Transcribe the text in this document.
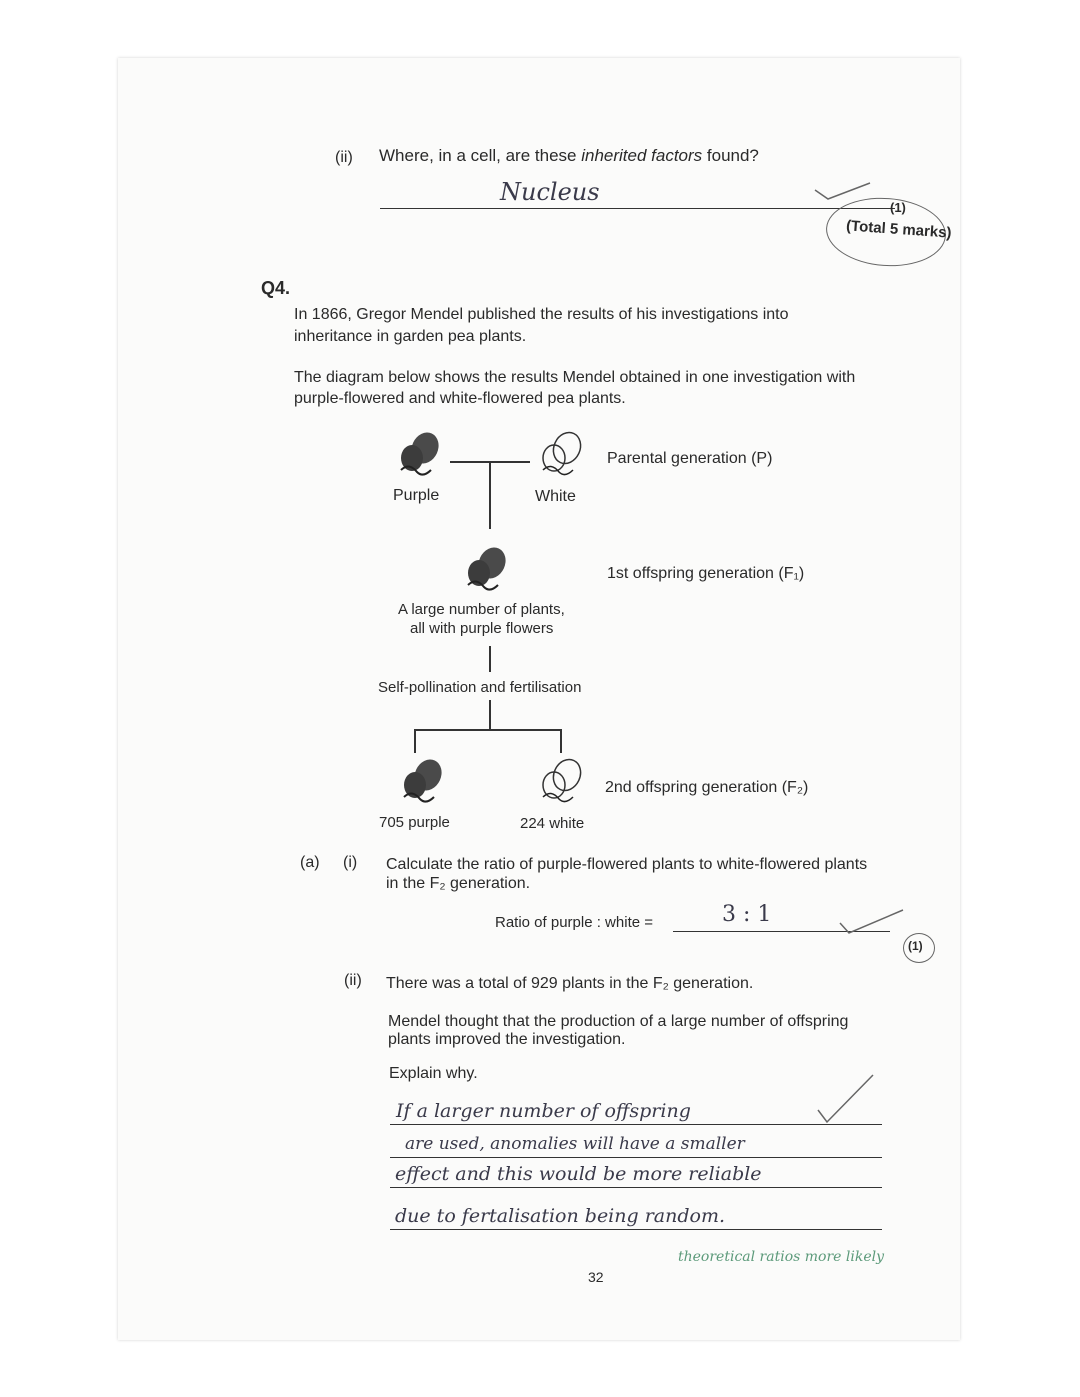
(ii) Where, in a cell, are these inherited factors found?
Nucleus
(1)
(Total 5 marks)
Q4.
In 1866, Gregor Mendel published the results of his investigations into
inheritance in garden pea plants.
The diagram below shows the results Mendel obtained in one investigation with
purple-flowered and white-flowered pea plants.
Purple	White
Parental generation (P)
1st offspring generation (F₁)
A large number of plants,
all with purple flowers
Self-pollination and fertilisation
2nd offspring generation (F₂)
705 purple	224 white
(a) (i) Calculate the ratio of purple-flowered plants to white-flowered plants
in the F₂ generation.
Ratio of purple : white =	3 : 1
(1)
(ii) There was a total of 929 plants in the F₂ generation.
Mendel thought that the production of a large number of offspring
plants improved the investigation.
Explain why.
If a larger number of offspring
are used, anomalies will have a smaller
effect and this would be more reliable
due to fertalisation being random.
theoretical ratios more likely
32
